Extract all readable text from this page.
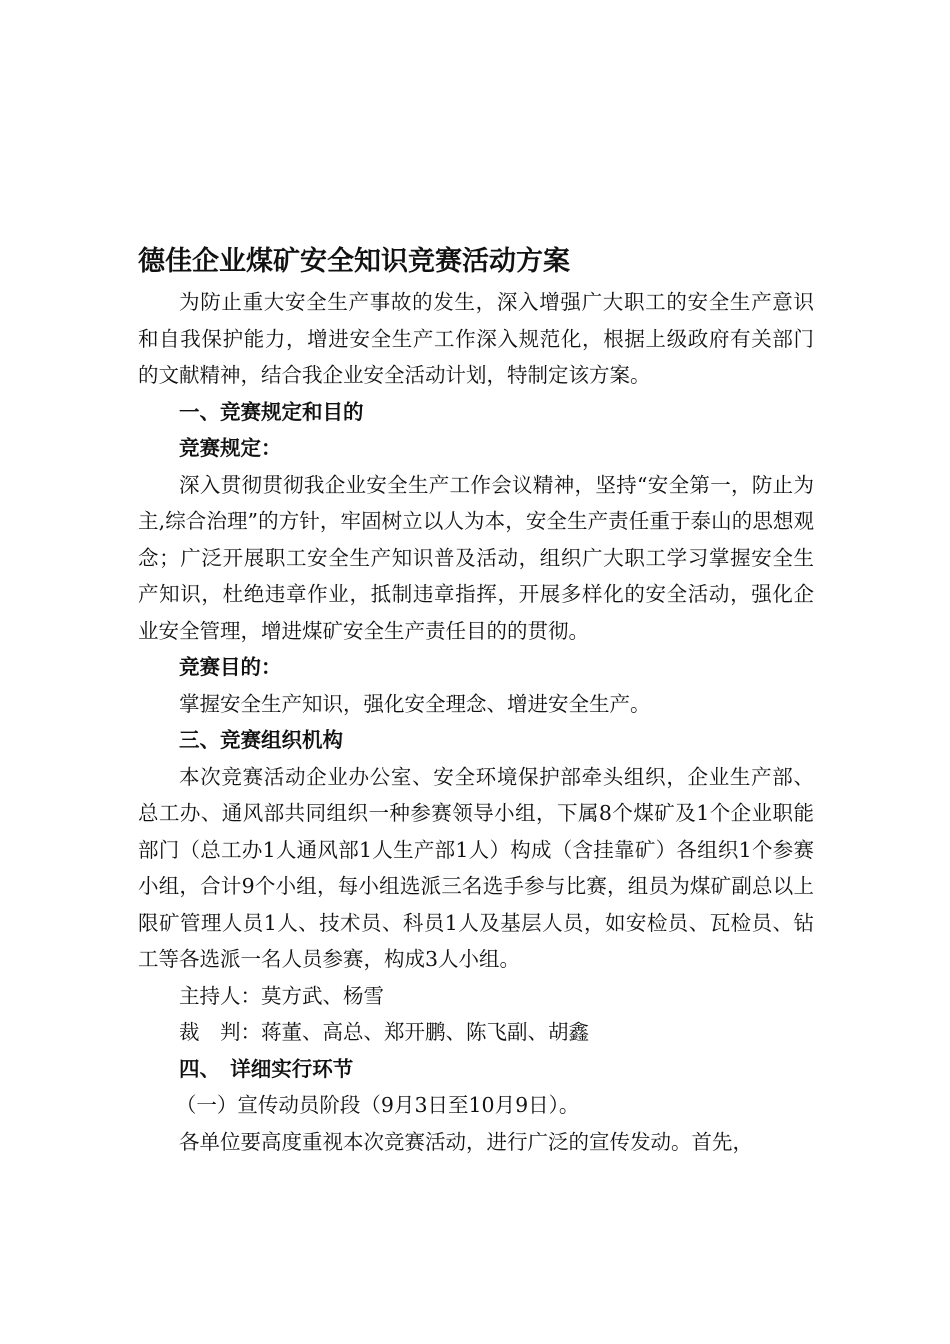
德佳企业煤矿安全知识竞赛活动方案

为防止重大安全生产事故的发生，深入增强广大职工的安全生产意识和自我保护能力，增进安全生产工作深入规范化，根据上级政府有关部门的文献精神，结合我企业安全活动计划，特制定该方案。

一、竞赛规定和目的

竞赛规定：

深入贯彻贯彻我企业安全生产工作会议精神，坚持“安全第一，防止为主,综合治理”的方针，牢固树立以人为本，安全生产责任重于泰山的思想观念；广泛开展职工安全生产知识普及活动，组织广大职工学习掌握安全生产知识，杜绝违章作业，抵制违章指挥，开展多样化的安全活动，强化企业安全管理，增进煤矿安全生产责任目的的贯彻。

竞赛目的：

掌握安全生产知识，强化安全理念、增进安全生产。

三、竞赛组织机构

本次竞赛活动企业办公室、安全环境保护部牵头组织，企业生产部、总工办、通风部共同组织一种参赛领导小组，下属8个煤矿及1个企业职能部门（总工办1人通风部1人生产部1人）构成（含挂靠矿）各组织1个参赛小组，合计9个小组，每小组选派三名选手参与比赛，组员为煤矿副总以上限矿管理人员1人、技术员、科员1人及基层人员，如安检员、瓦检员、钻工等各选派一名人员参赛，构成3人小组。

主持人：莫方武、杨雪

裁　判：蒋董、高总、郑开鹏、陈飞副、胡鑫

四、　详细实行环节

（一）宣传动员阶段（9月3日至10月9日）。

各单位要高度重视本次竞赛活动，进行广泛的宣传发动。首先，
